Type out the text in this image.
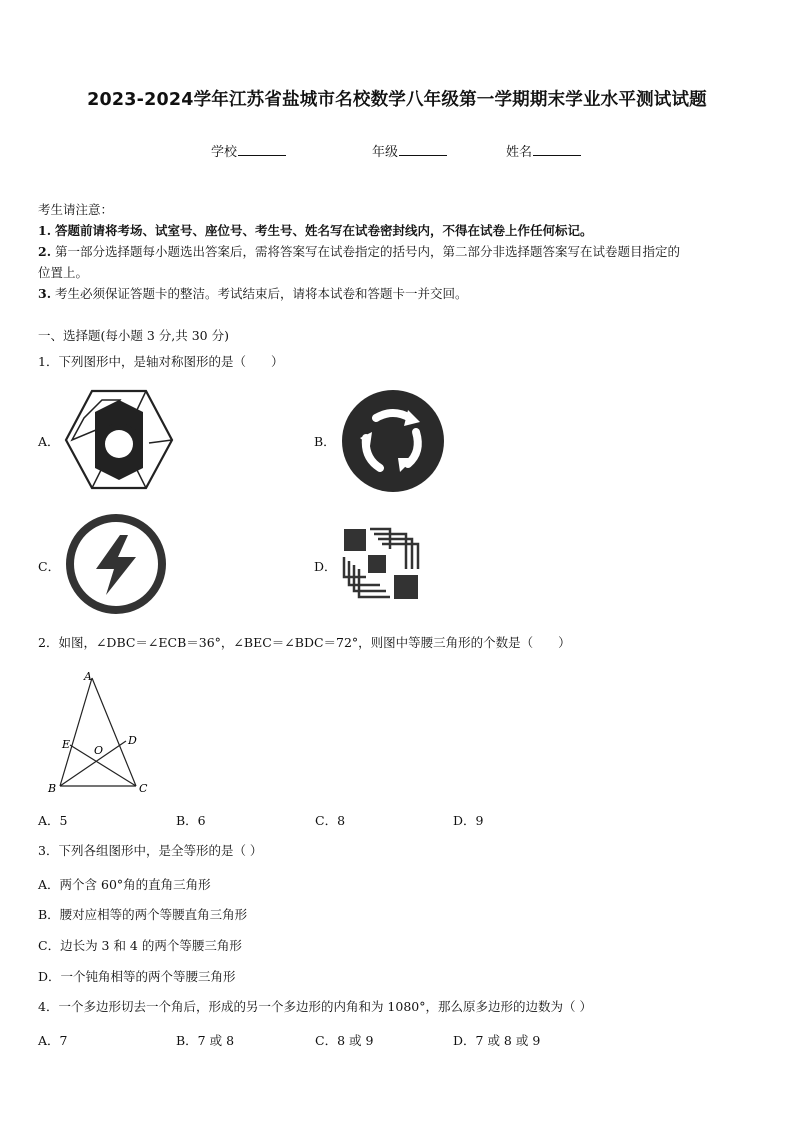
2023-2024学年江苏省盐城市名校数学八年级第一学期期末学业水平测试试题
学校	年级	姓名
考生请注意：
1. 答题前请将考场、试室号、座位号、考生号、姓名写在试卷密封线内，不得在试卷上作任何标记。
2. 第一部分选择题每小题选出答案后，需将答案写在试卷指定的括号内，第二部分非选择题答案写在试卷题目指定的
位置上。
3. 考生必须保证答题卡的整洁。考试结束后，请将本试卷和答题卡一并交回。
一、选择题(每小题 3 分,共 30 分)
1．下列图形中，是轴对称图形的是（　　）
A．	B．
C．	D．
2．如图，∠DBC＝∠ECB＝36°，∠BEC＝∠BDC＝72°，则图中等腰三角形的个数是（　　）
A
B	C
D
E O
A．5	B．6	C．8	D．9
3．下列各组图形中，是全等形的是（ ）
A．两个含 60°角的直角三角形
B．腰对应相等的两个等腰直角三角形
C．边长为 3 和 4 的两个等腰三角形
D．一个钝角相等的两个等腰三角形
4．一个多边形切去一个角后，形成的另一个多边形的内角和为 1080°，那么原多边形的边数为（ ）
A．7	B．7 或 8	C．8 或 9	D．7 或 8 或 9
